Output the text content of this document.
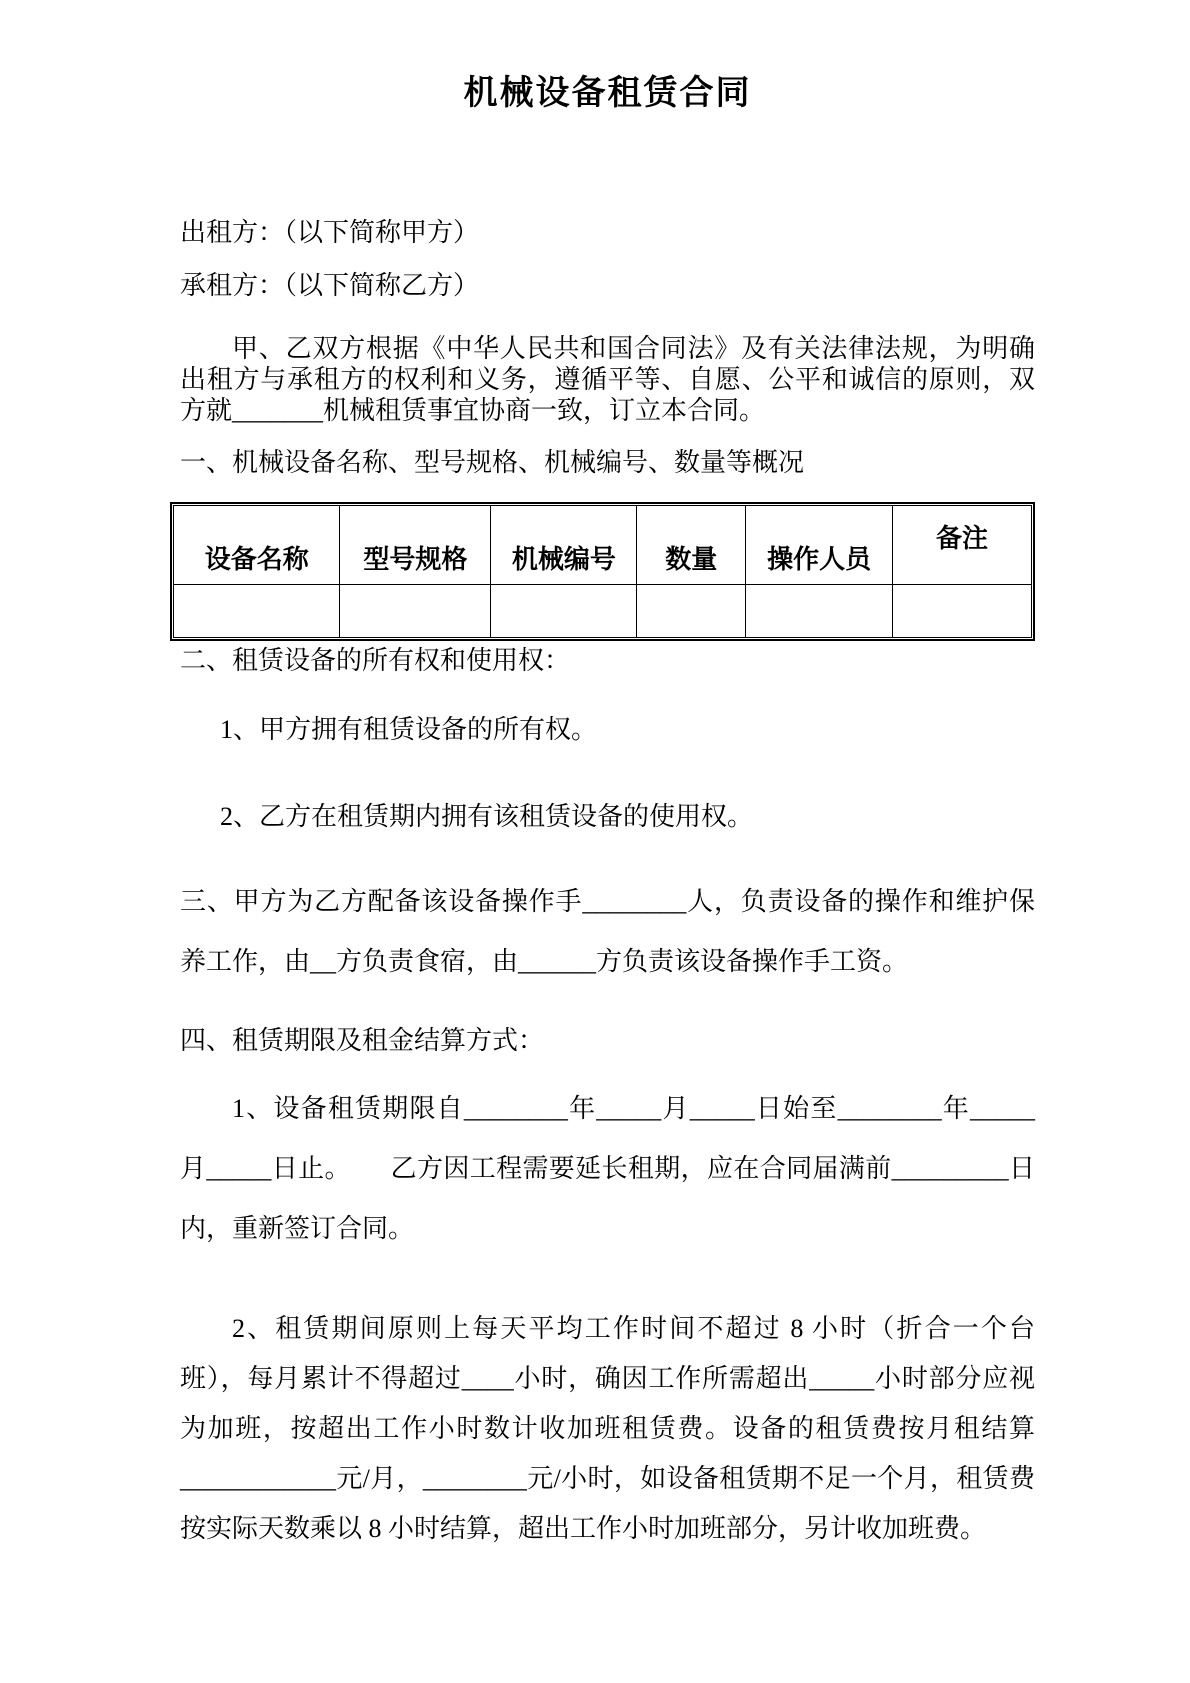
机械设备租赁合同

出租方：（以下简称甲方）

承租方：（以下简称乙方）

甲、乙双方根据《中华人民共和国合同法》及有关法律法规，为明确出租方与承租方的权利和义务，遵循平等、自愿、公平和诚信的原则，双方就_______机械租赁事宜协商一致，订立本合同。

一、机械设备名称、型号规格、机械编号、数量等概况
设备名称	型号规格	机械编号	数量	操作人员	备注

二、租赁设备的所有权和使用权：

1、甲方拥有租赁设备的所有权。

2、乙方在租赁期内拥有该租赁设备的使用权。

三、甲方为乙方配备该设备操作手________人，负责设备的操作和维护保养工作，由__方负责食宿，由______方负责该设备操作手工资。

四、租赁期限及租金结算方式：

1、设备租赁期限自________年_____月_____日始至________年_____月_____日止。　　乙方因工程需要延长租期，应在合同届满前_________日内，重新签订合同。

2、租赁期间原则上每天平均工作时间不超过 8 小时（折合一个台班），每月累计不得超过____小时，确因工作所需超出_____小时部分应视为加班，按超出工作小时数计收加班租赁费。设备的租赁费按月租结算____________元/月，________元/小时，如设备租赁期不足一个月，租赁费按实际天数乘以 8 小时结算，超出工作小时加班部分，另计收加班费。
